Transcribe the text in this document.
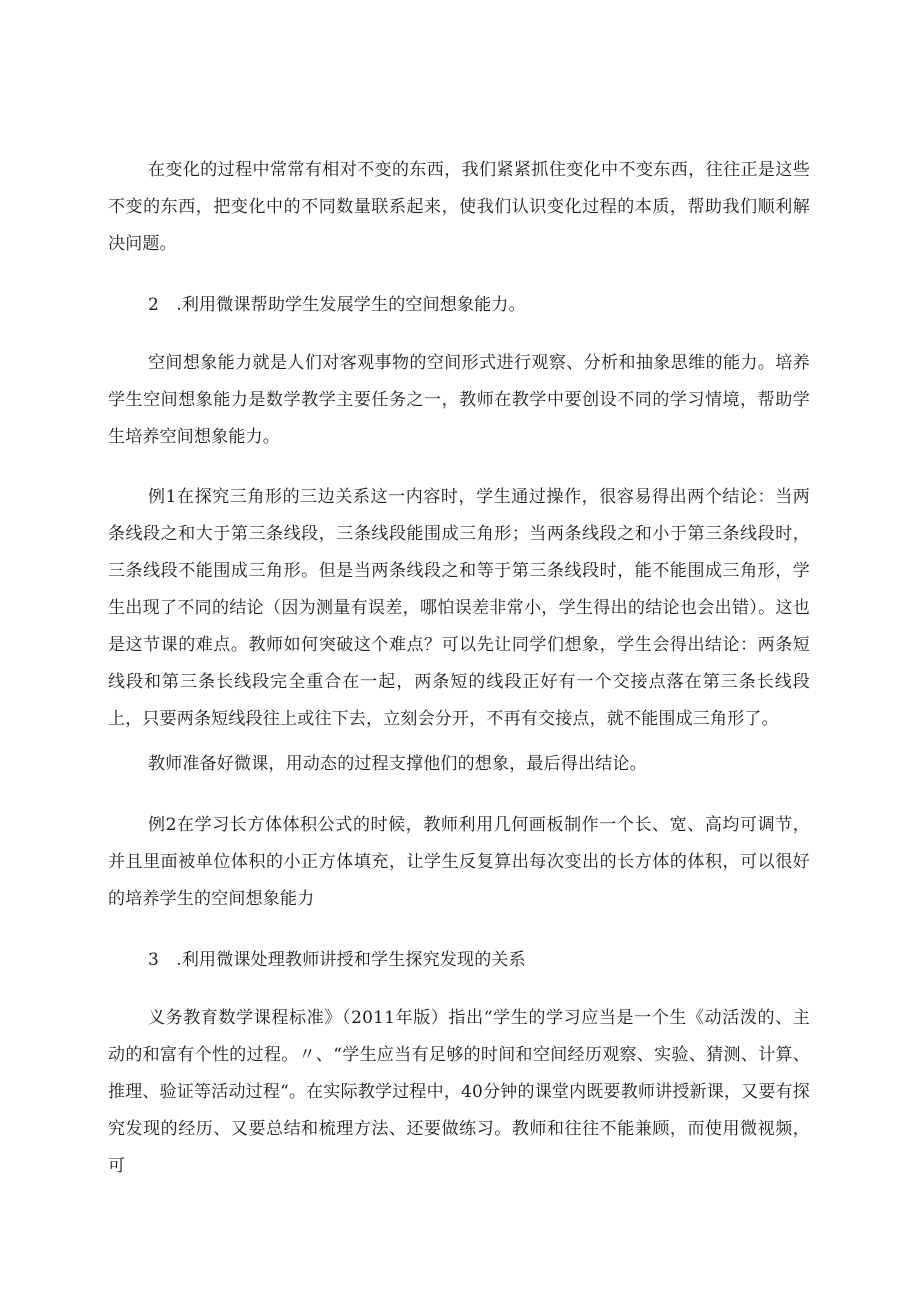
在变化的过程中常常有相对不变的东西，我们紧紧抓住变化中不变东西，往往正是这些不变的东西，把变化中的不同数量联系起来，使我们认识变化过程的本质，帮助我们顺利解决问题。

2　.利用微课帮助学生发展学生的空间想象能力。

空间想象能力就是人们对客观事物的空间形式进行观察、分析和抽象思维的能力。培养学生空间想象能力是数学教学主要任务之一，教师在教学中要创设不同的学习情境，帮助学生培养空间想象能力。

例1在探究三角形的三边关系这一内容时，学生通过操作，很容易得出两个结论：当两条线段之和大于第三条线段，三条线段能围成三角形；当两条线段之和小于第三条线段时，三条线段不能围成三角形。但是当两条线段之和等于第三条线段时，能不能围成三角形，学生出现了不同的结论（因为测量有误差，哪怕误差非常小，学生得出的结论也会出错）。这也是这节课的难点。教师如何突破这个难点？可以先让同学们想象，学生会得出结论：两条短线段和第三条长线段完全重合在一起，两条短的线段正好有一个交接点落在第三条长线段上，只要两条短线段往上或往下去，立刻会分开，不再有交接点，就不能围成三角形了。

教师准备好微课，用动态的过程支撑他们的想象，最后得出结论。

例2在学习长方体体积公式的时候，教师利用几何画板制作一个长、宽、高均可调节，并且里面被单位体积的小正方体填充，让学生反复算出每次变出的长方体的体积，可以很好的培养学生的空间想象能力

3　.利用微课处理教师讲授和学生探究发现的关系

义务教育数学课程标准》（2011年版）指出“学生的学习应当是一个生《动活泼的、主动的和富有个性的过程。〃、“学生应当有足够的时间和空间经历观察、实验、猜测、计算、推理、验证等活动过程“。在实际教学过程中，40分钟的课堂内既要教师讲授新课，又要有探究发现的经历、又要总结和梳理方法、还要做练习。教师和往往不能兼顾，而使用微视频，可
